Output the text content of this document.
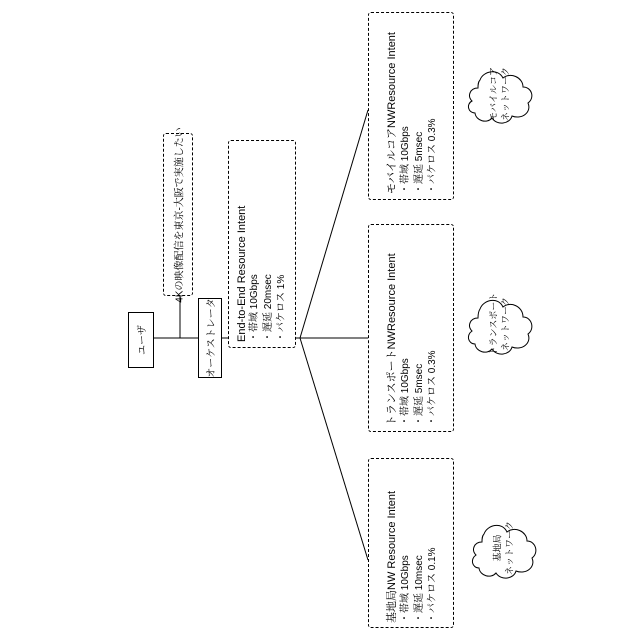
ユーザ	オーケストレータ
4Kの映像配信を東京-大阪で実施したい	End-to-End Resource Intent ・帯域 10Gbps ・遅延 20msec ・パケロス 1%
モバイルコアNWResource Intent ・帯域 10Gbps ・遅延 5msec ・パケロス 0.3%
モバイルコア ネットワーク
トランスポートNWResource Intent ・帯域 10Gbps ・遅延 5msec ・パケロス 0.3%
トランスポート ネットワーク
基地局NW Resource Intent ・帯域 10Gbps ・遅延 10msec ・パケロス 0.1%	基地局 ネットワーク
